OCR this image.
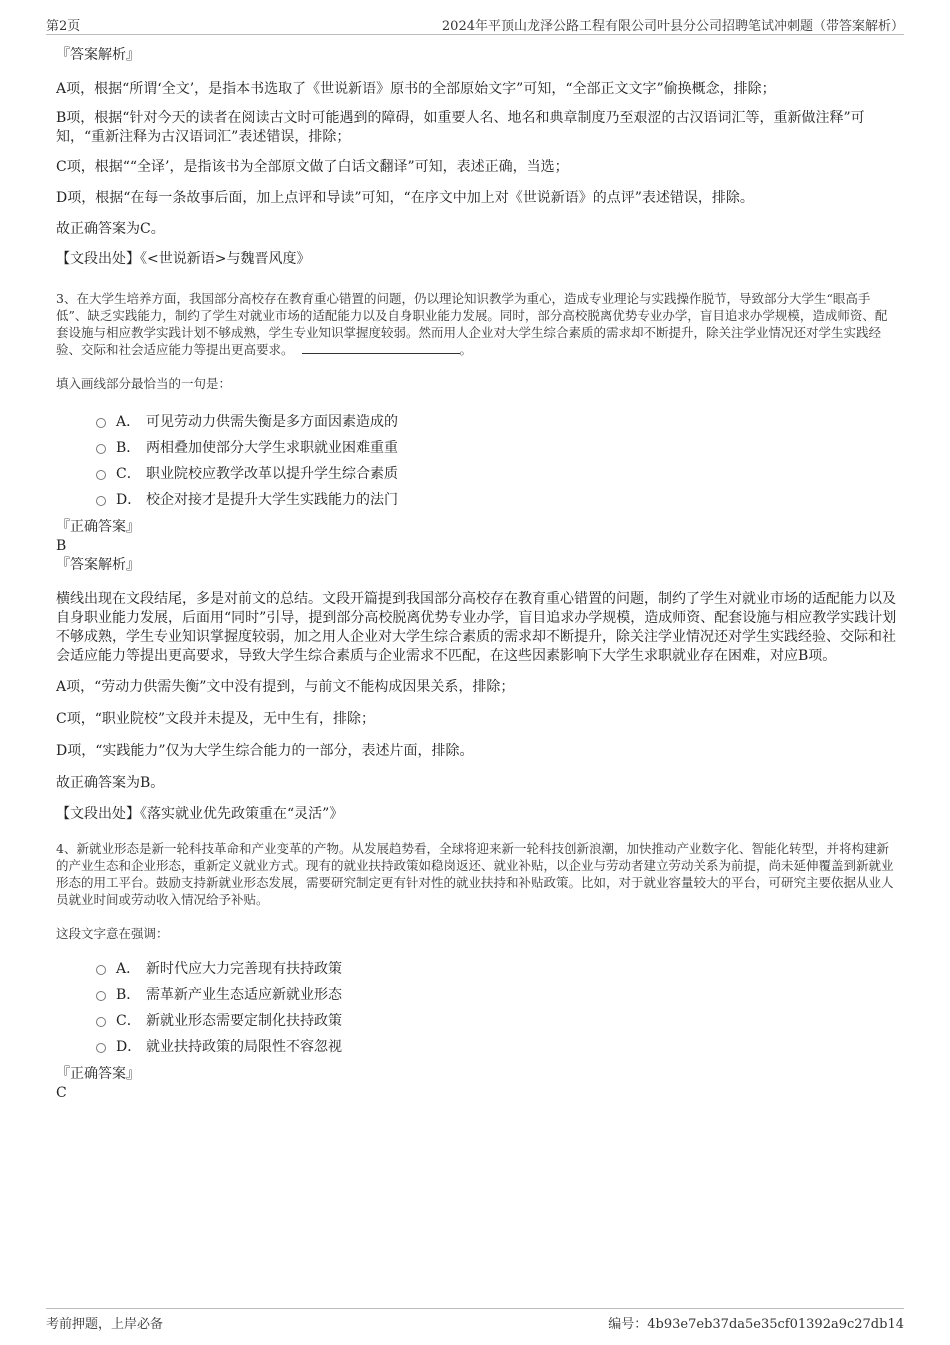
第2页	2024年平顶山龙泽公路工程有限公司叶县分公司招聘笔试冲刺题（带答案解析）

『答案解析』

A项，根据“所谓‘全文’，是指本书选取了《世说新语》原书的全部原始文字”可知，“全部正文文字”偷换概念，排除；

B项，根据“针对今天的读者在阅读古文时可能遇到的障碍，如重要人名、地名和典章制度乃至艰涩的古汉语词汇等，重新做注释”可知，“重新注释为古汉语词汇”表述错误，排除；

C项，根据““全译’，是指该书为全部原文做了白话文翻译”可知，表述正确，当选；

D项，根据“在每一条故事后面，加上点评和导读”可知，“在序文中加上对《世说新语》的点评”表述错误，排除。

故正确答案为C。

【文段出处】《<世说新语>与魏晋风度》

3、在大学生培养方面，我国部分高校存在教育重心错置的问题，仍以理论知识教学为重心，造成专业理论与实践操作脱节，导致部分大学生“眼高手低”、缺乏实践能力，制约了学生对就业市场的适配能力以及自身职业能力发展。同时，部分高校脱离优势专业办学，盲目追求办学规模，造成师资、配套设施与相应教学实践计划不够成熟，学生专业知识掌握度较弱。然而用人企业对大学生综合素质的需求却不断提升，除关注学业情况还对学生实践经验、交际和社会适应能力等提出更高要求。	。

填入画线部分最恰当的一句是：

A． 可见劳动力供需失衡是多方面因素造成的
B． 两相叠加使部分大学生求职就业困难重重
C． 职业院校应教学改革以提升学生综合素质
D． 校企对接才是提升大学生实践能力的法门

『正确答案』

B

『答案解析』

横线出现在文段结尾，多是对前文的总结。文段开篇提到我国部分高校存在教育重心错置的问题，制约了学生对就业市场的适配能力以及自身职业能力发展，后面用“同时”引导，提到部分高校脱离优势专业办学，盲目追求办学规模，造成师资、配套设施与相应教学实践计划不够成熟，学生专业知识掌握度较弱，加之用人企业对大学生综合素质的需求却不断提升，除关注学业情况还对学生实践经验、交际和社会适应能力等提出更高要求，导致大学生综合素质与企业需求不匹配，在这些因素影响下大学生求职就业存在困难，对应B项。

A项，“劳动力供需失衡”文中没有提到，与前文不能构成因果关系，排除；

C项，“职业院校”文段并未提及，无中生有，排除；

D项，“实践能力”仅为大学生综合能力的一部分，表述片面，排除。

故正确答案为B。

【文段出处】《落实就业优先政策重在“灵活”》

4、新就业形态是新一轮科技革命和产业变革的产物。从发展趋势看，全球将迎来新一轮科技创新浪潮，加快推动产业数字化、智能化转型，并将构建新的产业生态和企业形态，重新定义就业方式。现有的就业扶持政策如稳岗返还、就业补贴，以企业与劳动者建立劳动关系为前提，尚未延伸覆盖到新就业形态的用工平台。鼓励支持新就业形态发展，需要研究制定更有针对性的就业扶持和补贴政策。比如，对于就业容量较大的平台，可研究主要依据从业人员就业时间或劳动收入情况给予补贴。

这段文字意在强调：

A． 新时代应大力完善现有扶持政策
B． 需革新产业生态适应新就业形态
C． 新就业形态需要定制化扶持政策
D． 就业扶持政策的局限性不容忽视

『正确答案』

C

考前押题，上岸必备	编号：4b93e7eb37da5e35cf01392a9c27db14
